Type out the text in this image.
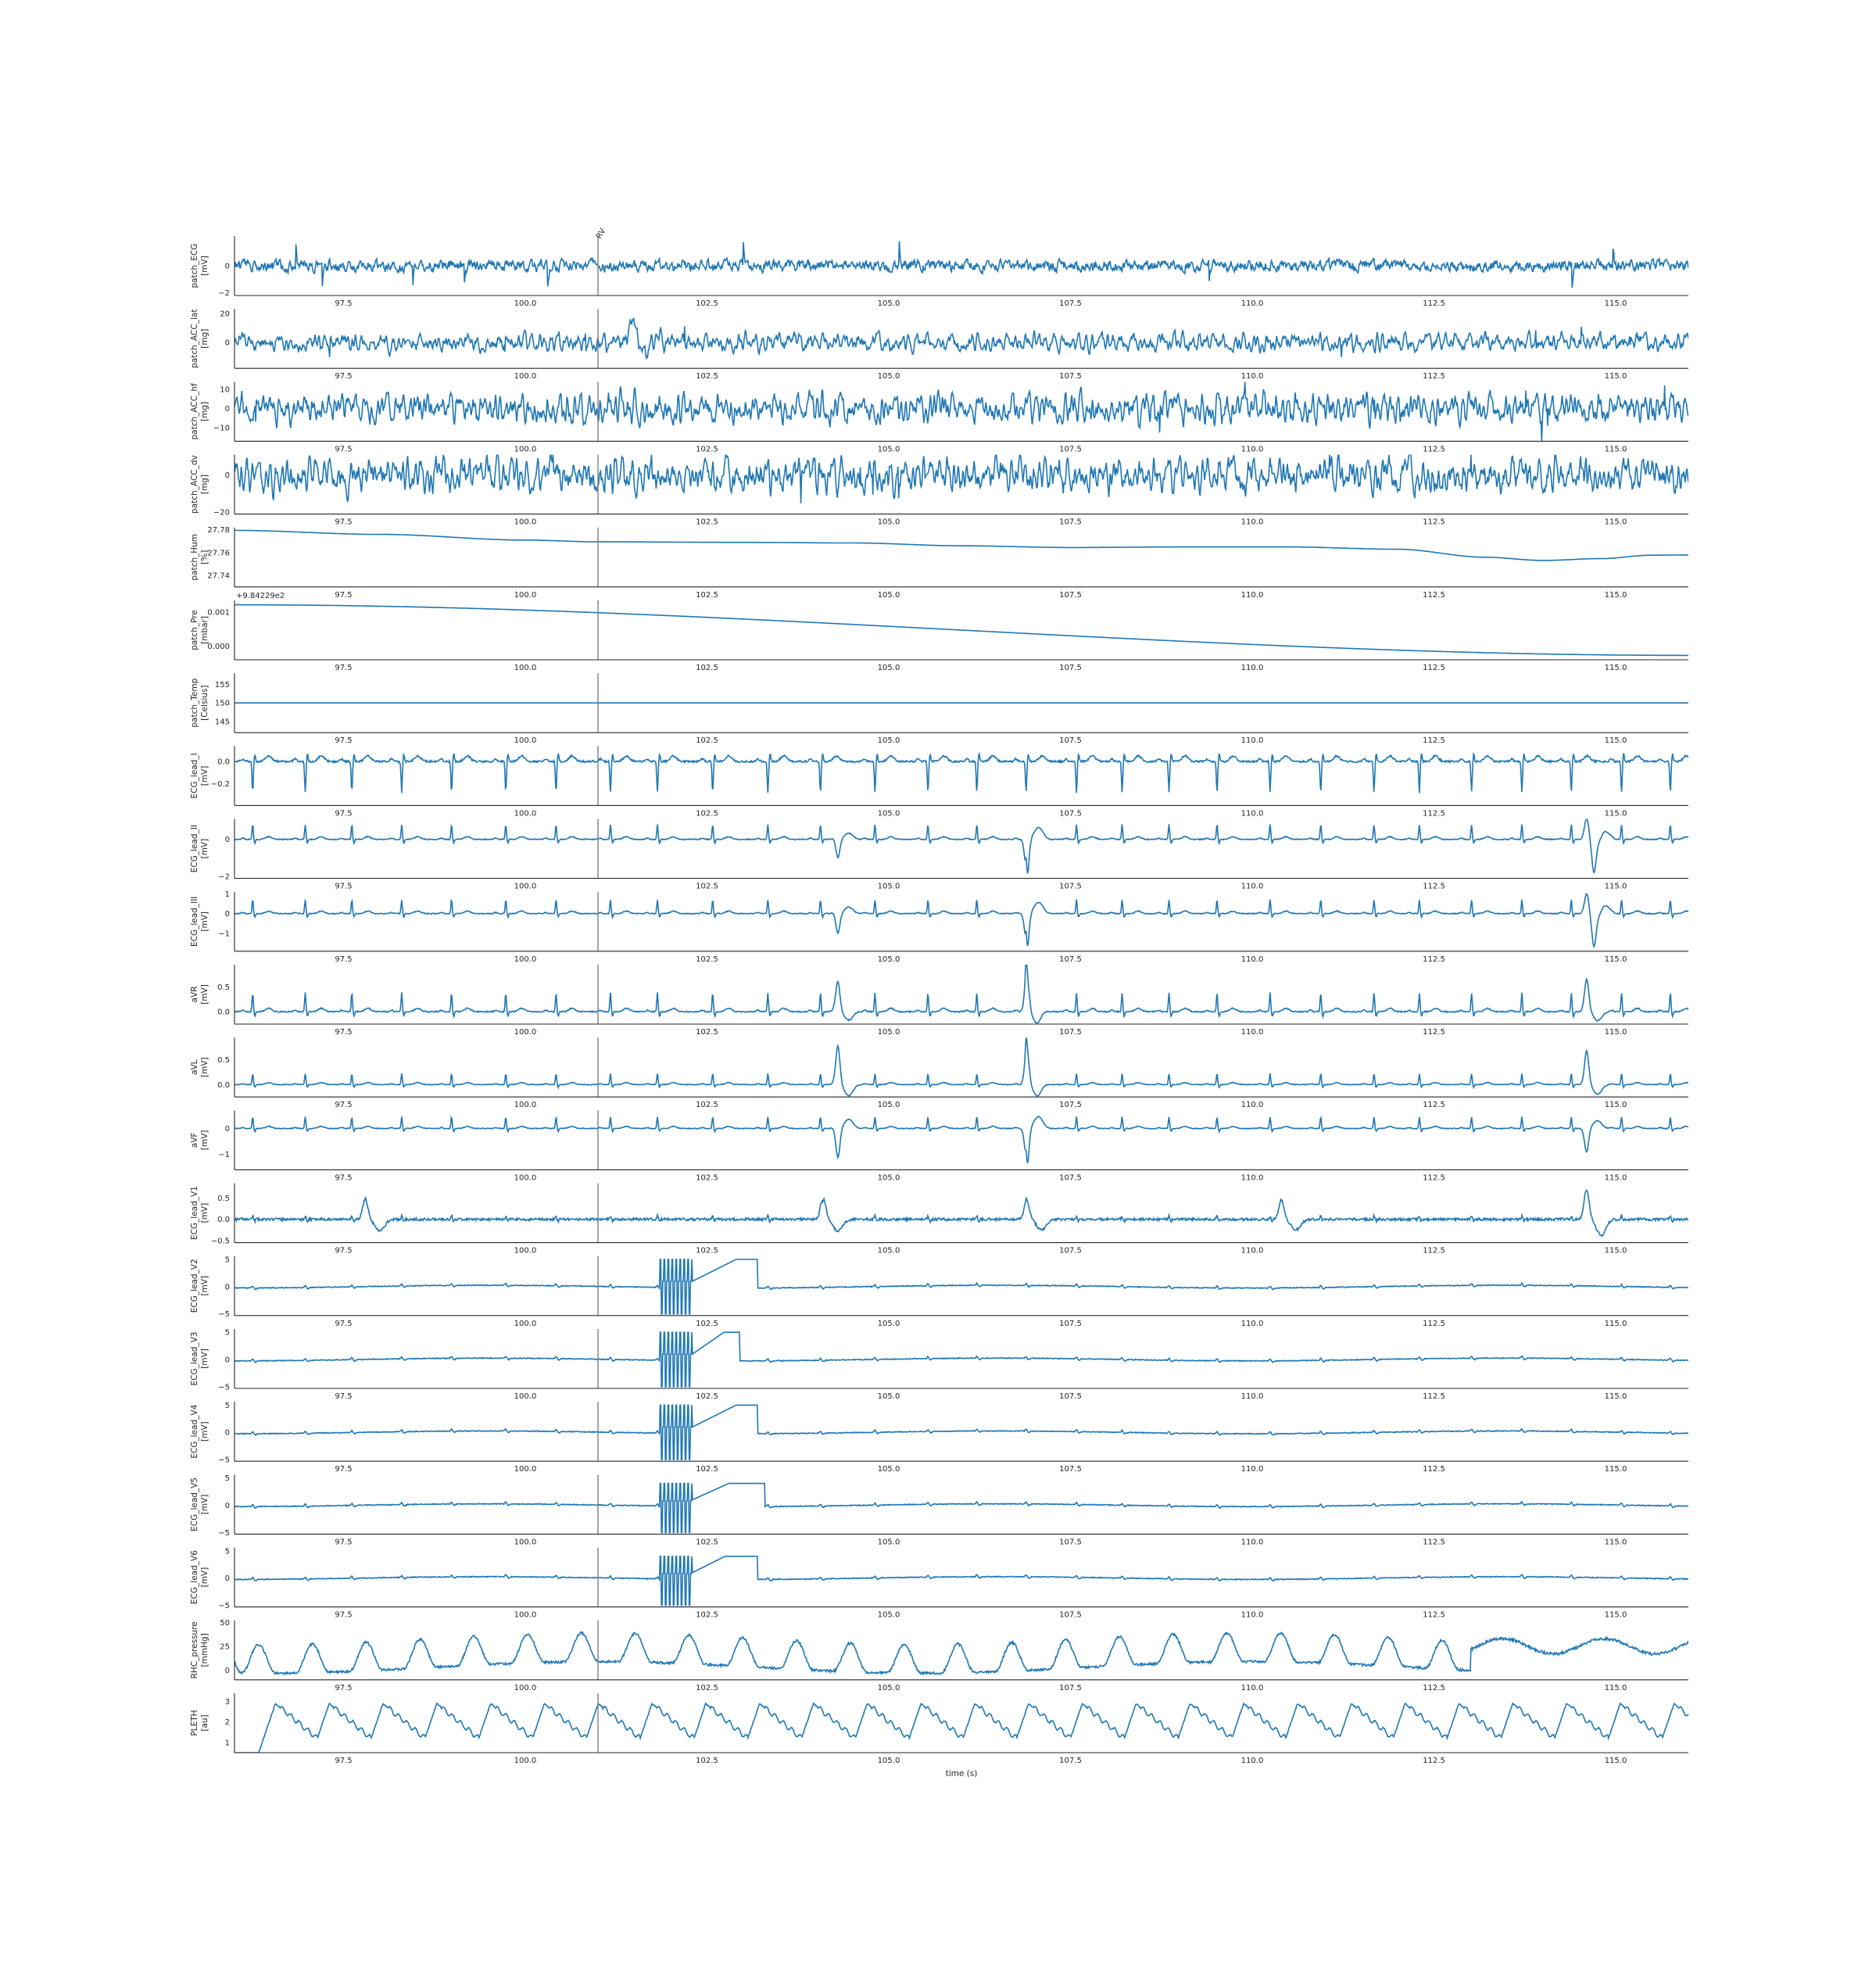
−2
0
97.5	100.0	102.5	105.0	107.5	110.0	112.5	115.0
patch_ECG[mV]
RV
0
20
97.5	100.0	102.5	105.0	107.5	110.0	112.5	115.0
patch_ACC_lat[mg]
−10
0
10
97.5	100.0	102.5	105.0	107.5	110.0	112.5	115.0
patch_ACC_hf[mg]
−20
0
97.5	100.0	102.5	105.0	107.5	110.0	112.5	115.0
patch_ACC_dv[mg]
27.74
27.76
27.78
97.5	100.0	102.5	105.0	107.5	110.0	112.5	115.0
patch_Hum[%]
0.000
0.001
97.5	100.0	102.5	105.0	107.5	110.0	112.5	115.0
patch_Pre[mbar]
+9.84229e2
145
150
155
97.5	100.0	102.5	105.0	107.5	110.0	112.5	115.0
patch_Temp[Celsius]
−0.2
0.0
97.5	100.0	102.5	105.0	107.5	110.0	112.5	115.0
ECG_lead_I[mV]
−2
0
97.5	100.0	102.5	105.0	107.5	110.0	112.5	115.0
ECG_lead_II[mV]
−1
0
1
97.5	100.0	102.5	105.0	107.5	110.0	112.5	115.0
ECG_lead_III[mV]
0.0
0.5
97.5	100.0	102.5	105.0	107.5	110.0	112.5	115.0
aVR[mV]
0.0
0.5
97.5	100.0	102.5	105.0	107.5	110.0	112.5	115.0
aVL[mV]
−1
0
97.5	100.0	102.5	105.0	107.5	110.0	112.5	115.0
aVF[mV]
−0.5
0.0
0.5
97.5	100.0	102.5	105.0	107.5	110.0	112.5	115.0
ECG_lead_V1[mV]
−5
0
5
97.5	100.0	102.5	105.0	107.5	110.0	112.5	115.0
ECG_lead_V2[mV]
−5
0
5
97.5	100.0	102.5	105.0	107.5	110.0	112.5	115.0
ECG_lead_V3[mV]
−5
0
5
97.5	100.0	102.5	105.0	107.5	110.0	112.5	115.0
ECG_lead_V4[mV]
−5
0
5
97.5	100.0	102.5	105.0	107.5	110.0	112.5	115.0
ECG_lead_V5[mV]
−5
0
5
97.5	100.0	102.5	105.0	107.5	110.0	112.5	115.0
ECG_lead_V6[mV]
0
25
50
97.5	100.0	102.5	105.0	107.5	110.0	112.5	115.0
RHC_pressure[mmHg]
1
2
3
97.5	100.0	102.5	105.0	107.5	110.0	112.5	115.0
PLETH[au]
time (s)
